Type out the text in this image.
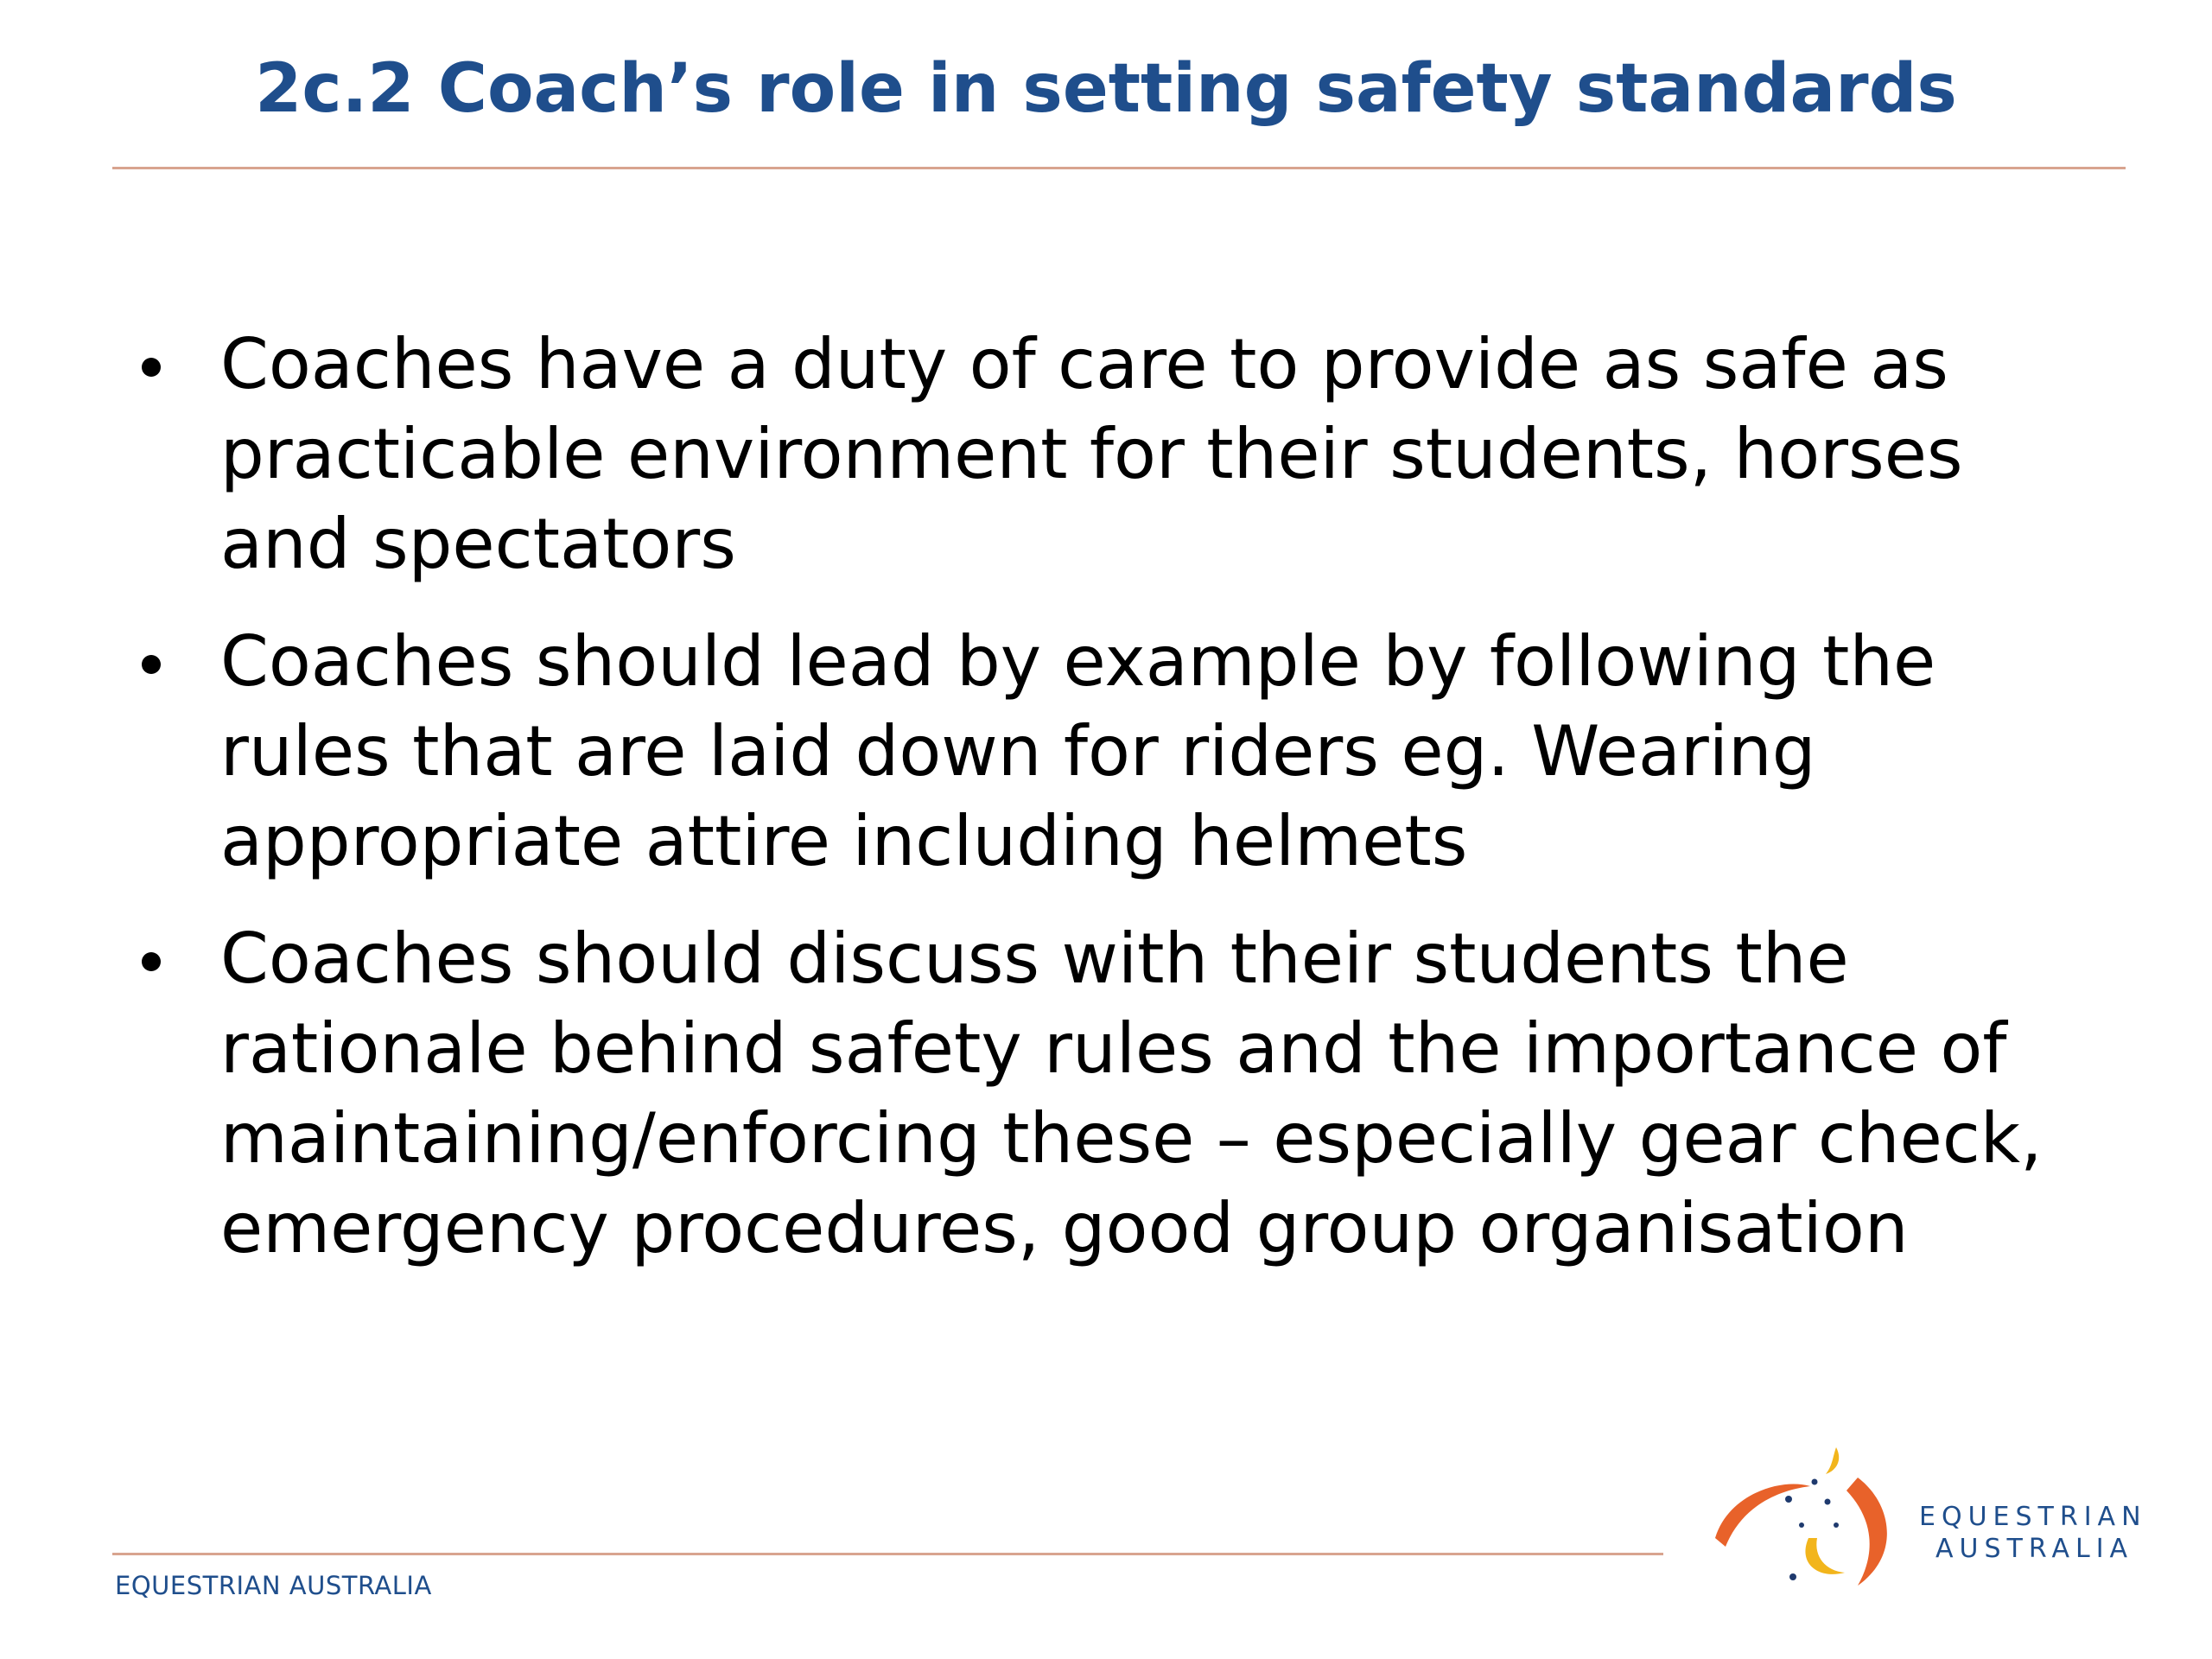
2c.2 Coach’s role in setting safety standards
Coaches have a duty of care to provide as safe as practicable environment for their students, horses and spectators
Coaches should lead by example by following the rules that are laid down for riders eg. Wearing appropriate attire including helmets
Coaches should discuss with their students the rationale behind safety rules and the importance of maintaining/enforcing these – especially gear check, emergency procedures, good group organisation
EQUESTRIAN AUSTRALIA
EQUESTRIAN
AUSTRALIA
